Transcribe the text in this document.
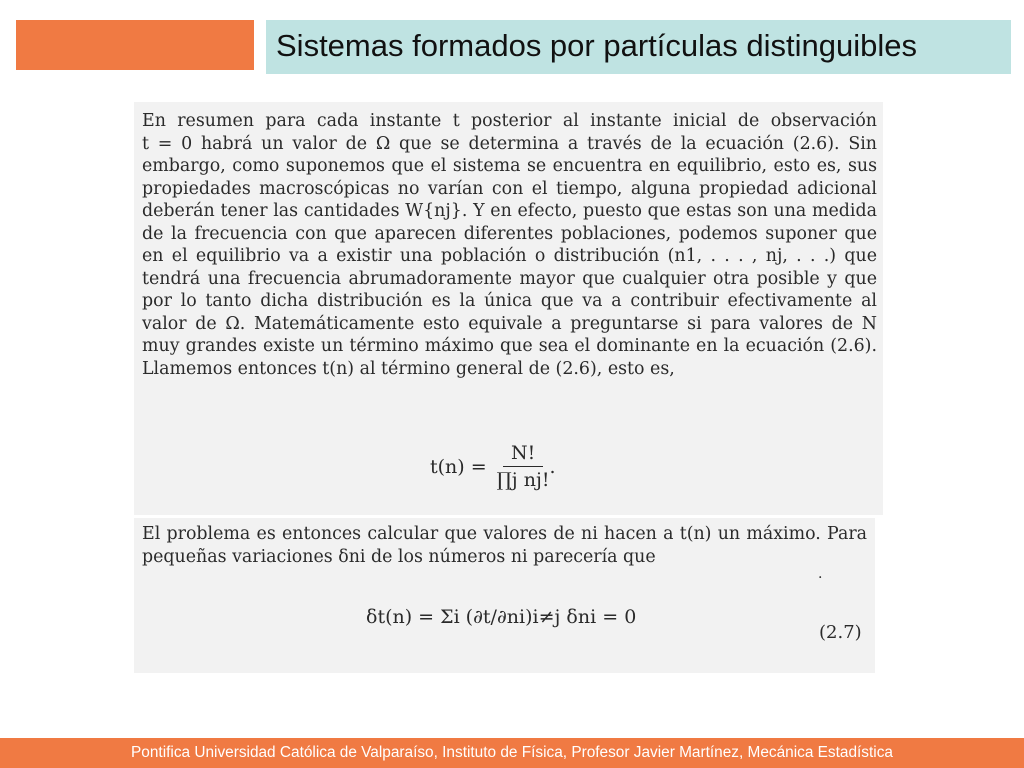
Sistemas formados por partículas distinguibles
En resumen para cada instante t posterior al instante inicial de observación
t = 0 habrá un valor de Ω que se determina a través de la ecuación (2.6). Sin
embargo, como suponemos que el sistema se encuentra en equilibrio, esto es, sus
propiedades macroscópicas no varían con el tiempo, alguna propiedad adicional
deberán tener las cantidades W{nj}. Y en efecto, puesto que estas son una medida
de la frecuencia con que aparecen diferentes poblaciones, podemos suponer que
en el equilibrio va a existir una población o distribución (n1, . . . , nj, . . .) que
tendrá una frecuencia abrumadoramente mayor que cualquier otra posible y que
por lo tanto dicha distribución es la única que va a contribuir efectivamente al
valor de Ω. Matemáticamente esto equivale a preguntarse si para valores de N
muy grandes existe un término máximo que sea el dominante en la ecuación (2.6).
Llamemos entonces t(n) al término general de (2.6), esto es,
$t(n) = \frac{N!}{\text{∏j nj!}}$ .
El problema es entonces calcular que valores de ni hacen a t(n) un máximo. Para
pequeñas variaciones δni de los números ni parecería que
.
δt(n) = Σi (∂t/∂ni)i≠j δni = 0
(2.7)
Pontifica Universidad Católica de Valparaíso, Instituto de Física, Profesor Javier Martínez, Mecánica Estadística
